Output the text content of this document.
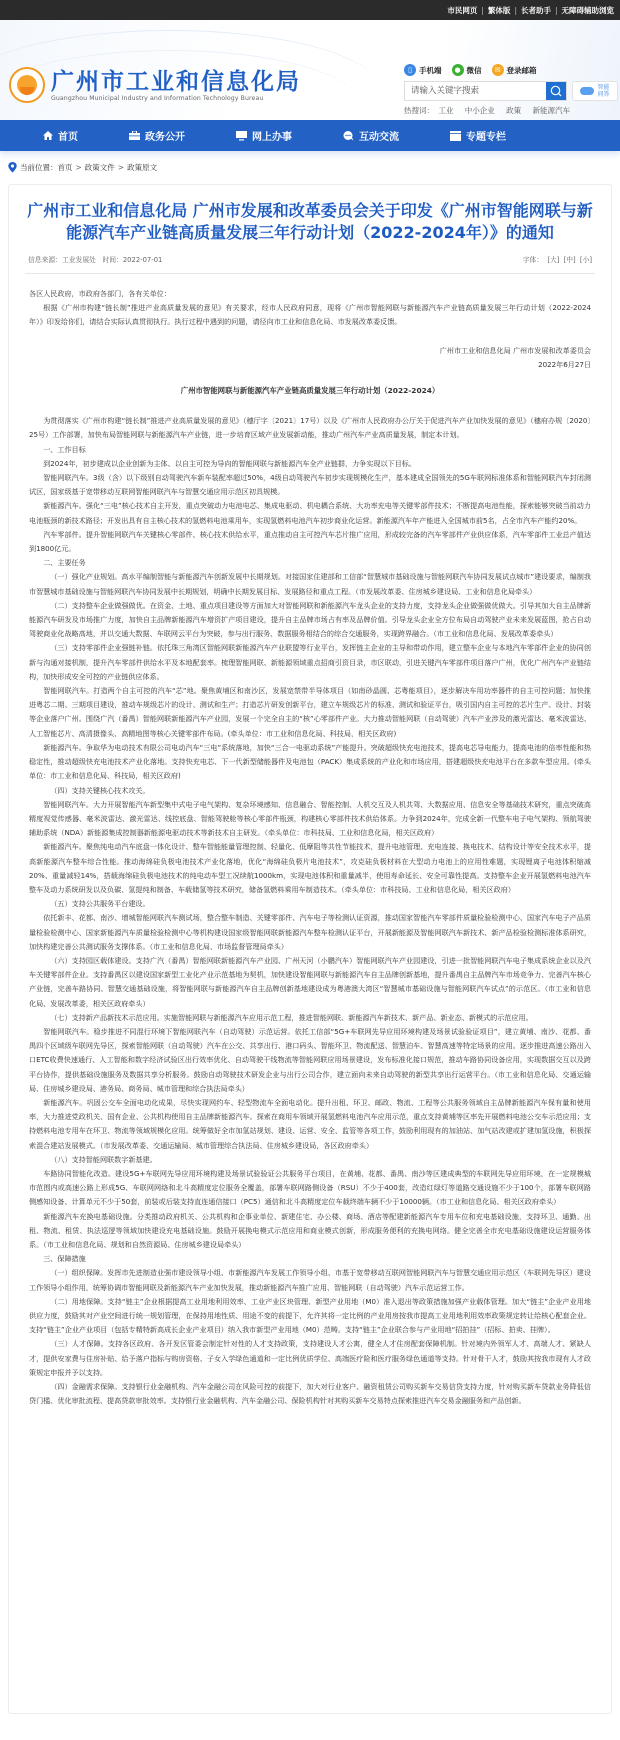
市民网页 | 繁体版 | 长者助手 | 无障碍辅助浏览
广州市工业和信息化局
Guangzhou Municipal Industry and Information Technology Bureau
▯ 手机端	● 微信	✉ 登录邮箱
请输入关键字搜索
智能
问答
热搜词： 工业 中小企业 政策 新能源汽车
首页	政务公开	网上办事	互动交流	专题专栏
当前位置： 首页 > 政策文件 > 政策原文
广州市工业和信息化局 广州市发展和改革委员会关于印发《广州市智能网联与新能源汽车产业链高质量发展三年行动计划（2022-2024年）》的通知
信息来源：工业发展处 时间：2022-07-01	字体： [大] [中] [小]

各区人民政府，市政府各部门，各有关单位：

根据《广州市构建“链长制”推进产业高质量发展的意见》有关要求，经市人民政府同意，现将《广州市智能网联与新能源汽车产业链高质量发展三年行动计划（2022-2024年）》印发给你们，请结合实际认真贯彻执行。执行过程中遇到的问题，请径向市工业和信息化局、市发展改革委反馈。

广州市工业和信息化局 广州市发展和改革委员会

2022年6月27日

广州市智能网联与新能源汽车产业链高质量发展三年行动计划（2022-2024）

为贯彻落实《广州市构建“链长制”推进产业高质量发展的意见》（穗厅字〔2021〕17号）以及《广州市人民政府办公厅关于促进汽车产业加快发展的意见》（穗府办规〔2020〕25号）工作部署，加快布局智能网联与新能源汽车产业链，进一步培育区域产业发展新动能，推动广州汽车产业高质量发展，制定本计划。

一、工作目标

到2024年，初步建成以企业创新为主体、以自主可控为导向的智能网联与新能源汽车全产业链群，力争实现以下目标。

智能网联汽车。3级（含）以下级别自动驾驶汽车新车装配率超过50%，4级自动驾驶汽车初步实现规模化生产，基本建成全国领先的5G车联网标准体系和智能网联汽车封闭测试区，国家级基于宽带移动互联网智能网联汽车与智慧交通应用示范区初具规模。

新能源汽车。强化“三电”核心技术自主开发，重点突破动力电池电芯、集成电驱动、机电耦合系统、大功率充电等关键零部件技术；不断提高电池性能，探索能够突破当前动力电池瓶颈的新技术路径；开发出具有自主核心技术的氢燃料电池乘用车，实现氢燃料电池汽车初步商业化运营。新能源汽车年产能进入全国城市前5名，占全市汽车产能约20%。

汽车零部件。提升智能网联汽车关键核心零部件、核心技术供给水平，重点推动自主可控汽车芯片推广应用，形成较完备的汽车零部件产业供应体系，汽车零部件工业总产值达到1800亿元。

二、主要任务

（一）强化产业规划。高水平编制智能与新能源汽车创新发展中长期规划。对接国家住建部和工信部“智慧城市基础设施与智能网联汽车协同发展试点城市”建设要求，编制我市智慧城市基础设施与智能网联汽车协同发展中长期规划，明确中长期发展目标、发展路径和重点工程。（市发展改革委、住房城乡建设局、工业和信息化局牵头）

（二）支持整车企业做强做优。在资金、土地、重点项目建设等方面加大对智能网联和新能源汽车龙头企业的支持力度，支持龙头企业做强做优做大。引导其加大自主品牌新能源汽车研发及市场推广力度，加快自主品牌新能源汽车增资扩产项目建设，提升自主品牌市场占有率及品牌价值。引导龙头企业全方位布局自动驾驶产业未来发展蓝图，抢占自动驾驶商业化战略高地，并以交通大数据、车联网云平台为突破，参与出行服务、数据服务相结合的综合交通服务，实现跨界融合。（市工业和信息化局、发展改革委牵头）

（三）支持零部件企业强链补链。依托珠三角湾区智能网联新能源汽车产业联盟等行业平台，发挥链主企业的主导和带动作用，建立整车企业与本地汽车零部件企业的协同创新与沟通对接机制，提升汽车零部件供给水平及本地配套率。梳理智能网联、新能源领域重点招商引资目录，市区联动，引进关键汽车零部件项目落户广州，优化广州汽车产业链结构，加快形成安全可控的产业链供应体系。

智能网联汽车。打造两个自主可控的汽车“芯”地。聚焦黄埔区和南沙区，发展宽禁带半导体项目（如南砂晶圆、芯粤能项目），逐步解决车用功率器件的自主可控问题；加快推进粤芯二期、三期项目建设，推动车规级芯片的设计、测试和生产；打造芯片研发创新平台，建立车规级芯片的标准、测试和验证平台，吸引国内自主可控的芯片生产、设计、封装等企业落户广州。围绕广汽（番禺）智能网联新能源汽车产业园，发展一个完全自主的“核”心零部件产业。大力推动智能网联（自动驾驶）汽车产业涉及的激光雷达、毫米波雷达、人工智能芯片、高清摄像头、高精地图等核心关键零部件布局。(牵头单位：市工业和信息化局、科技局，相关区政府)

新能源汽车。争取华为电动技术有限公司电动汽车“三电”系统落地，加快“三合一电驱动系统”产能提升。突破超级快充电池技术，提高电芯导电能力，提高电池的倍率性能和热稳定性，推动超级快充电池技术产业化落地。支持快充电芯、下一代新型储能器件及电池包（PACK）集成系统的产业化和市场应用，搭建超级快充电池平台在多款车型应用。(牵头单位：市工业和信息化局、科技局，相关区政府)

（四）支持关键核心技术攻关。

智能网联汽车。大力开展智能汽车新型集中式电子电气架构、复杂环境感知、信息融合、智能控制、人机交互及人机共驾、大数据应用、信息安全等基础技术研究，重点突破高精度视觉传感器、毫米波雷达、激光雷达、线控底盘、智能驾驶舱等核心零部件瓶颈，构建核心零部件技术供给体系。力争到2024年，完成全新一代整车电子电气架构、领航驾驶辅助系统（NDA）新能源集成控制器新能源电驱动技术等新技术自主研发。（牵头单位：市科技局、工业和信息化局，相关区政府）

新能源汽车。聚焦纯电动汽车底盘一体化设计、整车智能能量管理控制、轻量化、低摩阻等共性节能技术，提升电池管理、充电连接、换电技术、结构设计等安全技术水平，提高新能源汽车整车综合性能。推动海绵硅负极电池技术产业化落地，优化“海绵硅负极片电池技术”，攻克硅负极材料在大型动力电池上的应用性难题，实现锂离子电池体积缩减20%、重量减轻14%，搭载海绵硅负极电池技术的纯电动车型工况续航1000km，实现电池体积和重量减半，使用寿命延长、安全可靠性提高。支持整车企业开展氢燃料电池汽车整车及动力系统研发以及负碳、氢提纯和制备、车载储氢等技术研究，储备氢燃料乘用车制造技术。（牵头单位：市科技局、工业和信息化局，相关区政府）

（五）支持公共服务平台建设。

依托新丰、花都、南沙、增城智能网联汽车测试场，整合整车制造、关键零部件、汽车电子等检测认证资源，推动国家智能汽车零部件质量检验检测中心、国家汽车电子产品质量检验检测中心、国家新能源汽车质量检验检测中心等机构建设国家级智能网联新能源汽车整车检测认证平台，开展新能源及智能网联汽车新技术、新产品检验检测标准体系研究，加快构建完善公共测试服务支撑体系。（市工业和信息化局、市场监督管理局牵头）

（六）支持园区载体建设。支持广汽（番禺）智能网联新能源汽车产业园、广州天河（小鹏汽车）智能网联汽车产业园建设，引进一批智能网联汽车电子集成系统企业以及汽车关键零部件企业。支持番禺区以建设国家新型工业化产业示范基地为契机，加快建设智能网联与新能源汽车自主品牌创新基地，提升番禺自主品牌汽车市场竞争力、完善汽车核心产业链，完善车路协同、智慧交通基础设施，将智能网联与新能源汽车自主品牌创新基地建设成为粤港澳大湾区“智慧城市基础设施与智能网联汽车试点”的示范区。（市工业和信息化局、发展改革委，相关区政府牵头）

（七）支持新产品新技术示范应用。实施智能网联与新能源汽车应用示范工程，推进智能网联、新能源汽车新技术、新产品、新业态、新模式的示范应用。

智能网联汽车。稳步推进不同混行环境下智能网联汽车（自动驾驶）示范运营。依托工信部“5G+车联网先导应用环境构建及场景试验验证项目”，建立黄埔、南沙、花都、番禺四个区域级车联网先导区，探索智能网联（自动驾驶）汽车在公交、共享出行、港口码头、智能环卫、物流配送、智慧泊车、智慧高速等特定场景的应用。逐步推进高速公路出入口ETC收费快速通行、人工智能和数字经济试验区出行效率优化、自动驾驶干线物流等智能网联应用场景建设，发布标准化接口规范，推动车路协同设备应用，实现数据交互以及跨平台协作，提供基础设施服务及数据共享分析服务。鼓励自动驾驶技术研发企业与出行公司合作，建立面向未来自动驾驶的新型共享出行运营平台。（市工业和信息化局、交通运输局、住房城乡建设局、港务局、商务局、城市管理和综合执法局牵头）

新能源汽车。巩固公交车全面电动化成果，尽快实现网约车、轻型物流车全面电动化。提升出租、环卫、邮政、物流、工程等公共服务领域自主品牌新能源汽车保有量和使用率，大力推进党政机关、国有企业、公共机构使用自主品牌新能源汽车。探索在商用车领域开展氢燃料电池汽车应用示范，重点支持黄埔等区率先开展燃料电池公交车示范应用；支持燃料电池专用车在环卫、物流等领域规模化应用。统筹做好全市加氢站规划、建设、运营、安全、监管等各项工作，鼓励利用现有的加油站、加气站改建或扩建加氢设施，积极探索混合建站发展模式。（市发展改革委、交通运输局、城市管理综合执法局、住房城乡建设局，各区政府牵头）

（八）支持智能网联数字新基建。

车路协同智能化改造。建设5G+车联网先导应用环境构建及场景试验验证公共服务平台项目，在黄埔、花都、番禺、南沙等区建成典型的车联网先导应用环境，在一定规模城市范围内或高速公路上形成5G、车联网网络和北斗高精度定位服务全覆盖，部署车联网路侧设备（RSU）不少于400套，改造红绿灯等道路交通设施不少于100个，部署车联网路侧感知设备、计算单元不少于50套，前装或后装支持直连通信接口（PC5）通信和北斗高精度定位车载终端车辆不少于10000辆。（市工业和信息化局、相关区政府牵头）

新能源汽车充换电基础设施。分类推动政府机关、公共机构和企事业单位、新建住宅、办公楼、商场、酒店等配建新能源汽车专用车位和充电基础设施，支持环卫、通勤、出租、物流、租赁、执法巡逻等领域加快建设充电基础设施。鼓励开展换电模式示范应用和商业模式创新，形成服务便利的充换电网络。健全完善全市充电基础设施建设运营服务体系。（市工业和信息化局、规划和自然资源局、住房城乡建设局牵头）

三、保障措施

（一）组织保障。发挥市先进制造业强市建设领导小组、市新能源汽车发展工作领导小组、市基于宽带移动互联网智能网联汽车与智慧交通应用示范区（车联网先导区）建设工作领导小组作用，统筹协调市智能网联及新能源汽车产业加快发展，推动新能源汽车推广应用、智能网联（自动驾驶）汽车示范运营工作。

（二）用地保障。支持“链主”企业根据提高工业用地利用效率、工业产业区块管理、新型产业用地（M0）准入退出等政策措施加强产业载体管理。加大“链主”企业产业用地供应力度，鼓励其对产业空间进行统一规划管理，在保持用地性质、用途不变的前提下，允许其将一定比例的产业用房按我市提高工业用地利用效率政策规定转让给核心配套企业。支持“链主”企业产业项目（包括专精特新高成长企业产业项目）纳入我市新型产业用地（M0）范畴。支持“链主”企业联合参与产业用地“招拍挂”（招标、拍卖、挂牌）。

（三）人才保障。支持各区政府、各开发区管委会制定针对性的人才支持政策，支持建设人才公寓，健全人才住房配套保障机制。针对境内外领军人才、高端人才、紧缺人才，提供安家费与住房补贴、给予落户指标与购房资格、子女入学绿色通道和一定比例优质学位、高端医疗险和医疗服务绿色通道等支持。针对骨干人才，鼓励其按我市现有人才政策规定申报并予以支持。

（四）金融需求保障。支持银行业金融机构、汽车金融公司在风险可控的前提下，加大对行业客户、融资租赁公司购买新车交易信贷支持力度，针对购买新车贷款业务降低信贷门槛、优化审批流程、提高贷款审批效率。支持银行业金融机构、汽车金融公司、保险机构针对其购买新车交易特点探索推进汽车交易金融服务和产品创新。
